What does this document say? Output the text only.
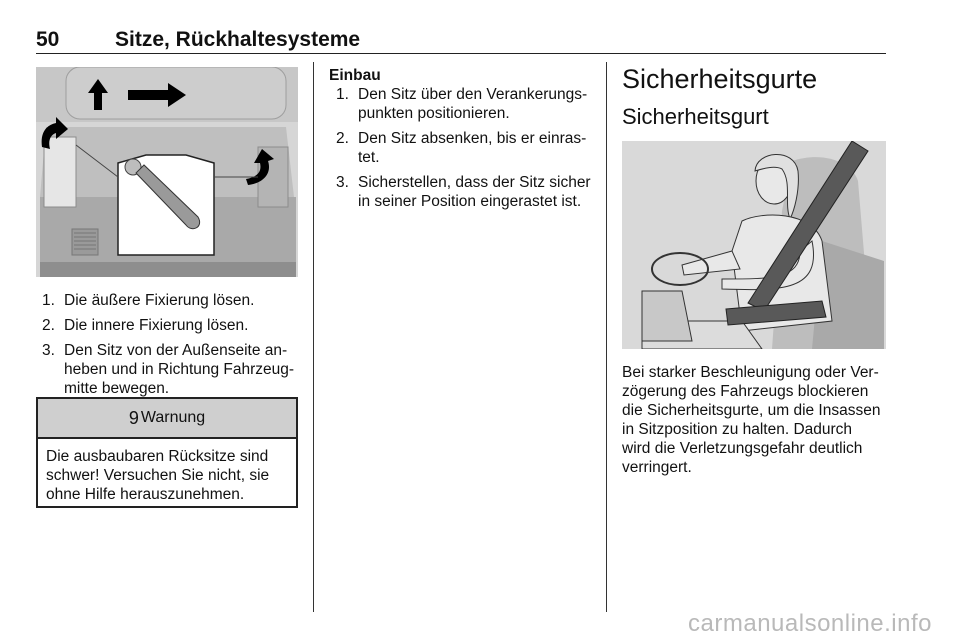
50	Sitze, Rückhaltesysteme
1. Die äußere Fixierung lösen.
2. Die innere Fixierung lösen.
3. Den Sitz von der Außenseite an-
heben und in Richtung Fahrzeug-
mitte bewegen.
9 Warnung
Die ausbaubaren Rücksitze sind
schwer! Versuchen Sie nicht, sie
ohne Hilfe herauszunehmen.
Einbau
1. Den Sitz über den Verankerungs-
punkten positionieren.
2. Den Sitz absenken, bis er einras-
tet.
3. Sicherstellen, dass der Sitz sicher
in seiner Position eingerastet ist.
Sicherheitsgurte
Sicherheitsgurt
Bei starker Beschleunigung oder Ver-
zögerung des Fahrzeugs blockieren
die Sicherheitsgurte, um die Insassen
in Sitzposition zu halten. Dadurch
wird die Verletzungsgefahr deutlich
verringert.
carmanualsonline.info
